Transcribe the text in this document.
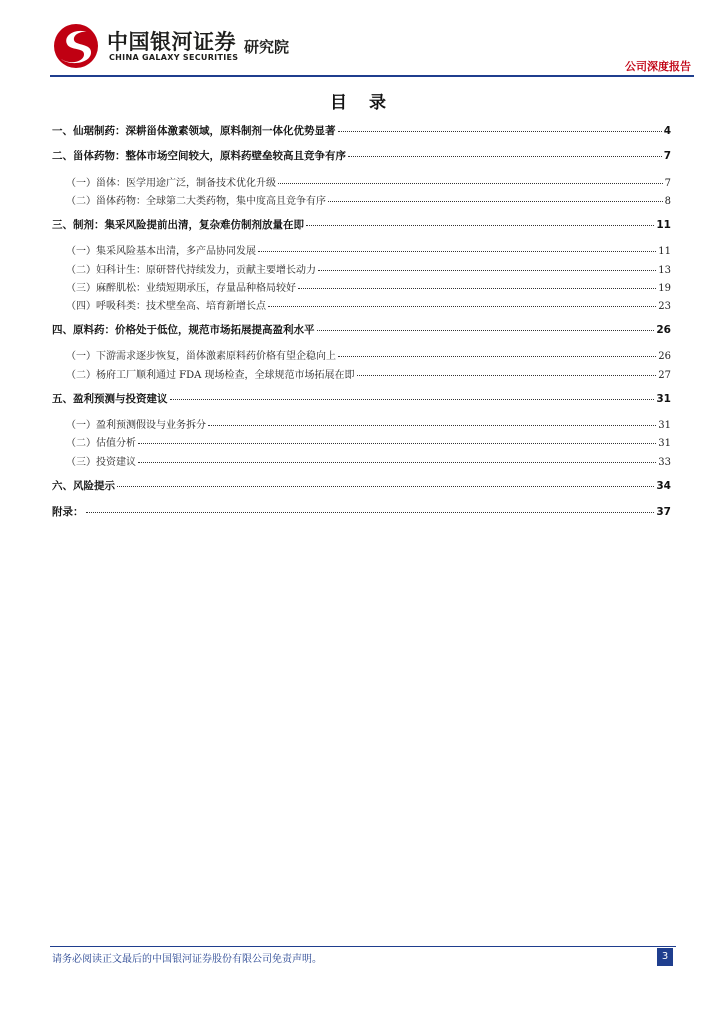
中国银河证券
CHINA GALAXY SECURITIES
研究院
公司深度报告
目 录
一、仙琚制药：深耕甾体激素领域，原料制剂一体化优势显著	4
二、甾体药物：整体市场空间较大，原料药壁垒较高且竞争有序	7
（一）甾体：医学用途广泛，制备技术优化升级	7
（二）甾体药物：全球第二大类药物，集中度高且竞争有序	8
三、制剂：集采风险提前出清，复杂难仿制剂放量在即	11
（一）集采风险基本出清，多产品协同发展	11
（二）妇科计生：原研替代持续发力，贡献主要增长动力	13
（三）麻醉肌松：业绩短期承压，存量品种格局较好	19
（四）呼吸科类：技术壁垒高、培育新增长点	23
四、原料药：价格处于低位，规范市场拓展提高盈利水平	26
（一）下游需求逐步恢复，甾体激素原料药价格有望企稳向上	26
（二）杨府工厂顺利通过 FDA 现场检查，全球规范市场拓展在即	27
五、盈利预测与投资建议	31
（一）盈利预测假设与业务拆分	31
（二）估值分析	31
（三）投资建议	33
六、风险提示	34
附录：	37
请务必阅读正文最后的中国银河证券股份有限公司免责声明。	3
